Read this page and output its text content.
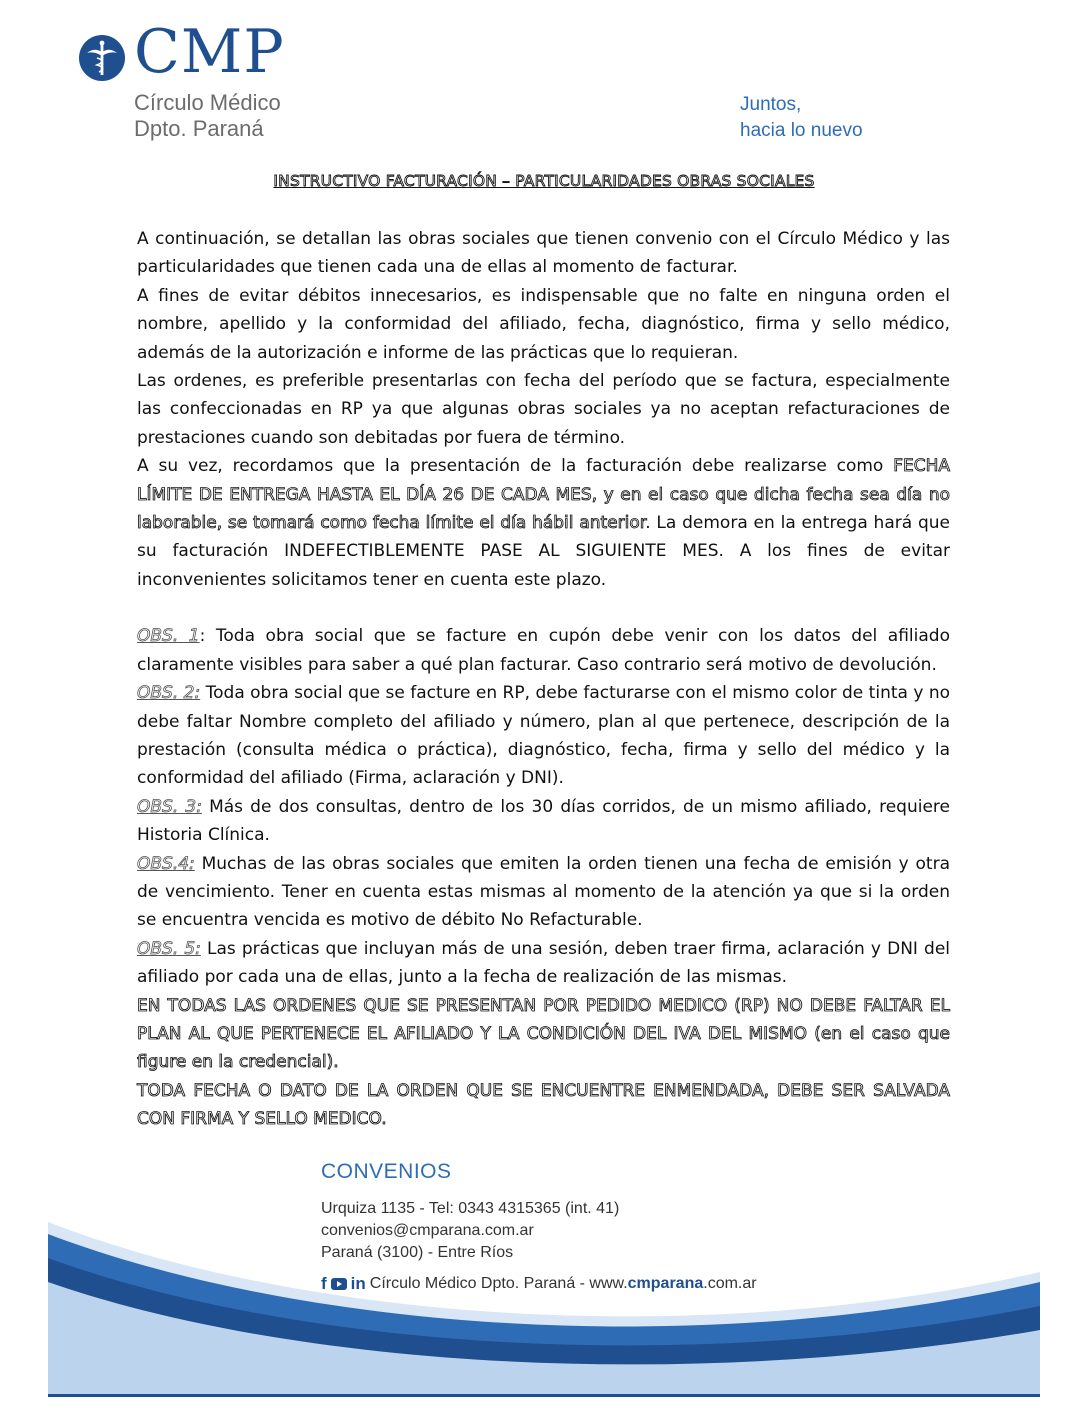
CMP
Círculo Médico
Dpto. Paraná
Juntos,
hacia lo nuevo
INSTRUCTIVO FACTURACIÓN – PARTICULARIDADES OBRAS SOCIALES

A continuación, se detallan las obras sociales que tienen convenio con el Círculo Médico y las particularidades que tienen cada una de ellas al momento de facturar.

A fines de evitar débitos innecesarios, es indispensable que no falte en ninguna orden el nombre, apellido y la conformidad del afiliado, fecha, diagnóstico, firma y sello médico, además de la autorización e informe de las prácticas que lo requieran.

Las ordenes, es preferible presentarlas con fecha del período que se factura, especialmente las confeccionadas en RP ya que algunas obras sociales ya no aceptan refacturaciones de prestaciones cuando son debitadas por fuera de término.

A su vez, recordamos que la presentación de la facturación debe realizarse como FECHA LÍMITE DE ENTREGA HASTA EL DÍA 26 DE CADA MES, y en el caso que dicha fecha sea día no laborable, se tomará como fecha límite el día hábil anterior. La demora en la entrega hará que su facturación INDEFECTIBLEMENTE PASE AL SIGUIENTE MES. A los fines de evitar inconvenientes solicitamos tener en cuenta este plazo.

OBS. 1: Toda obra social que se facture en cupón debe venir con los datos del afiliado claramente visibles para saber a qué plan facturar. Caso contrario será motivo de devolución.

OBS. 2: Toda obra social que se facture en RP, debe facturarse con el mismo color de tinta y no debe faltar Nombre completo del afiliado y número, plan al que pertenece, descripción de la prestación (consulta médica o práctica), diagnóstico, fecha, firma y sello del médico y la conformidad del afiliado (Firma, aclaración y DNI).

OBS. 3: Más de dos consultas, dentro de los 30 días corridos, de un mismo afiliado, requiere Historia Clínica.

OBS.4: Muchas de las obras sociales que emiten la orden tienen una fecha de emisión y otra de vencimiento. Tener en cuenta estas mismas al momento de la atención ya que si la orden se encuentra vencida es motivo de débito No Refacturable.

OBS. 5: Las prácticas que incluyan más de una sesión, deben traer firma, aclaración y DNI del afiliado por cada una de ellas, junto a la fecha de realización de las mismas.

EN TODAS LAS ORDENES QUE SE PRESENTAN POR PEDIDO MEDICO (RP) NO DEBE FALTAR EL PLAN AL QUE PERTENECE EL AFILIADO Y LA CONDICIÓN DEL IVA DEL MISMO (en el caso que figure en la credencial).

TODA FECHA O DATO DE LA ORDEN QUE SE ENCUENTRE ENMENDADA, DEBE SER SALVADA CON FIRMA Y SELLO MEDICO.

CONVENIOS
Urquiza 1135 - Tel: 0343 4315365 (int. 41)
convenios@cmparana.com.ar
Paraná (3100) - Entre Ríos
f in Círculo Médico Dpto. Paraná - www.cmparana.com.ar
